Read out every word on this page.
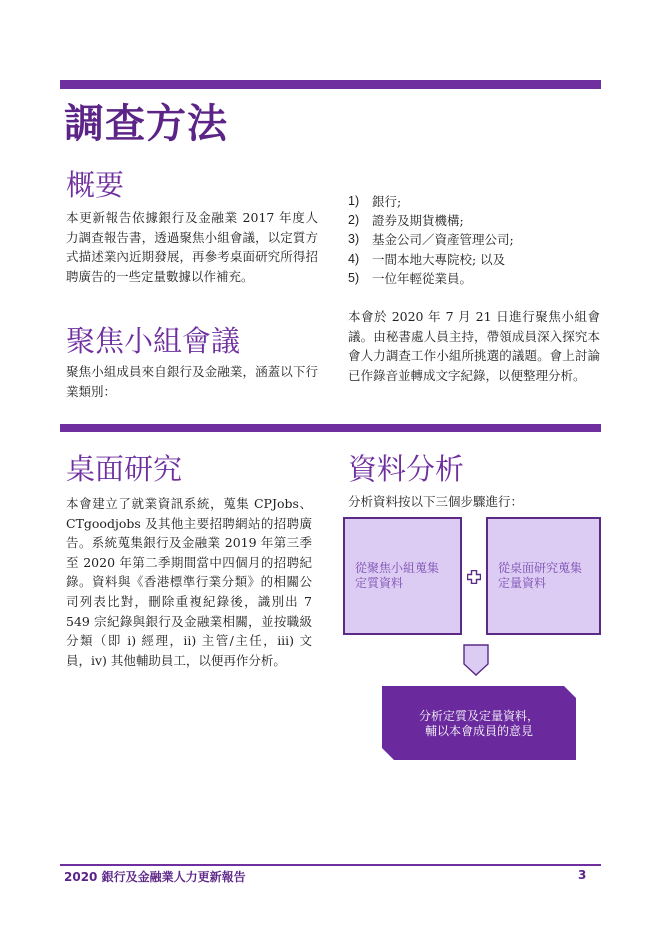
調查方法
概要

本更新報告依據銀行及金融業 2017 年度人力調查報告書，透過聚焦小組會議，以定質方式描述業內近期發展，再參考桌面研究所得招聘廣告的一些定量數據以作補充。

聚焦小組會議

聚焦小組成員來自銀行及金融業，涵蓋以下行業類別：

1) 銀行;
2) 證券及期貨機構;
3) 基金公司／資產管理公司;
4) 一間本地大專院校; 以及
5) 一位年輕從業員。

本會於 2020 年 7 月 21 日進行聚焦小組會議。由秘書處人員主持，帶領成員深入探究本會人力調查工作小組所挑選的議題。會上討論已作錄音並轉成文字紀錄，以便整理分析。

桌面研究

本會建立了就業資訊系統，蒐集 CPJobs、CTgoodjobs 及其他主要招聘網站的招聘廣告。系統蒐集銀行及金融業 2019 年第三季至 2020 年第二季期間當中四個月的招聘紀錄。資料與《香港標準行業分類》的相關公司列表比對，刪除重複紀錄後，識別出 7 549 宗紀錄與銀行及金融業相關，並按職級分類（即 i) 經理，ii) 主管/主任，iii) 文員，iv) 其他輔助員工，以便再作分析。

資料分析

分析資料按以下三個步驟進行：

從聚焦小組蒐集定質資料
從桌面研究蒐集定量資料
分析定質及定量資料，
輔以本會成員的意見
2020 銀行及金融業人力更新報告	3
